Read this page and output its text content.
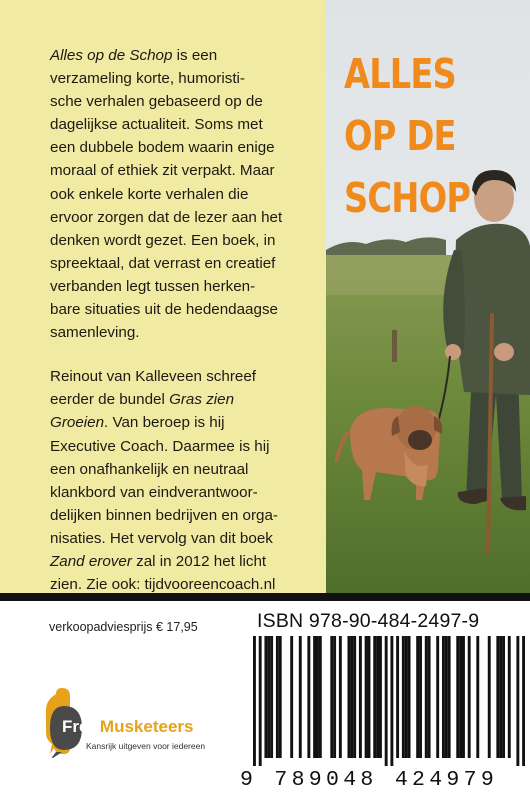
Alles op de Schop is een
verzameling korte, humoristi-
sche verhalen gebaseerd op de
dagelijkse actualiteit. Soms met
een dubbele bodem waarin enige
moraal of ethiek zit verpakt. Maar
ook enkele korte verhalen die
ervoor zorgen dat de lezer aan het
denken wordt gezet. Een boek, in
spreektaal, dat verrast en creatief
verbanden legt tussen herken-
bare situaties uit de hedendaagse
samenleving.

Reinout van Kalleveen schreef
eerder de bundel Gras zien
Groeien. Van beroep is hij
Executive Coach. Daarmee is hij
een onafhankelijk en neutraal
klankbord van eindverantwoor-
delijken binnen bedrijven en orga-
nisaties. Het vervolg van dit boek
Zand erover zal in 2012 het licht
zien. Zie ook: tijdvooreencoach.nl

ALLES
OP DE
SCHOP
verkoopadviesprijs € 17,95
Free Musketeers
Kansrijk uitgeven voor iedereen
ISBN 978-90-484-2497-9
9 789048 424979
